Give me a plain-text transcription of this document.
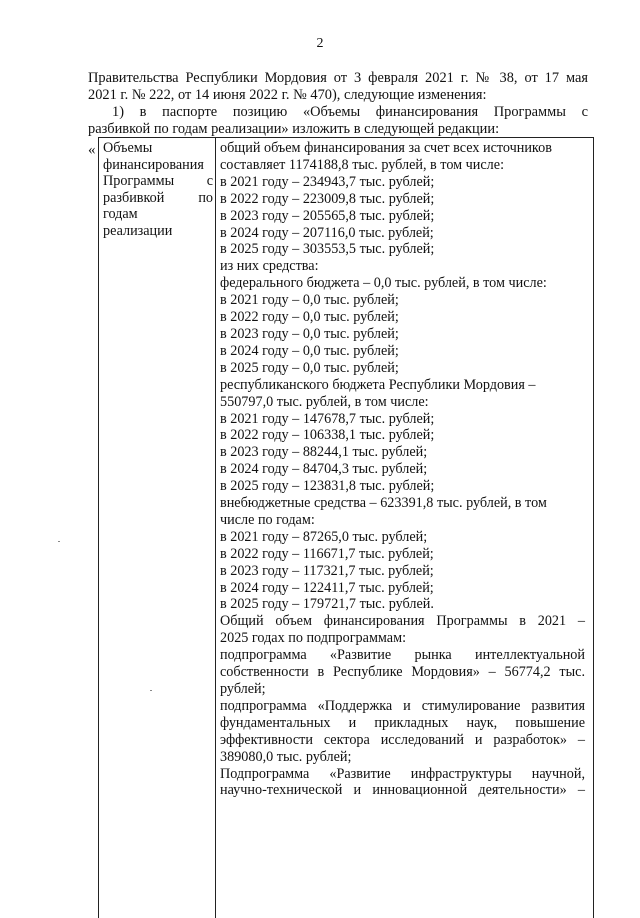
2

Правительства Республики Мордовия от 3 февраля 2021 г. № 38, от 17 мая

2021 г. № 222, от 14 июня 2022 г. № 470), следующие изменения:

1) в паспорте позицию «Объемы финансирования Программы с

разбивкой по годам реализации» изложить в следующей редакции:

« Объемы
финансирования
Программы с
разбивкой по
годам
реализации
общий объем финансирования за счет всех источников
составляет 1174188,8 тыс. рублей, в том числе:
в 2021 году – 234943,7 тыс. рублей;
в 2022 году – 223009,8 тыс. рублей;
в 2023 году – 205565,8 тыс. рублей;
в 2024 году – 207116,0 тыс. рублей;
в 2025 году – 303553,5 тыс. рублей;
из них средства:
федерального бюджета – 0,0 тыс. рублей, в том числе:
в 2021 году – 0,0 тыс. рублей;
в 2022 году – 0,0 тыс. рублей;
в 2023 году – 0,0 тыс. рублей;
в 2024 году – 0,0 тыс. рублей;
в 2025 году – 0,0 тыс. рублей;
республиканского бюджета Республики Мордовия –
550797,0 тыс. рублей, в том числе:
в 2021 году – 147678,7 тыс. рублей;
в 2022 году – 106338,1 тыс. рублей;
в 2023 году – 88244,1 тыс. рублей;
в 2024 году – 84704,3 тыс. рублей;
в 2025 году – 123831,8 тыс. рублей;
внебюджетные средства – 623391,8 тыс. рублей, в том
числе по годам:
в 2021 году – 87265,0 тыс. рублей;
в 2022 году – 116671,7 тыс. рублей;
в 2023 году – 117321,7 тыс. рублей;
в 2024 году – 122411,7 тыс. рублей;
в 2025 году – 179721,7 тыс. рублей.
Общий объем финансирования Программы в 2021 –
2025 годах по подпрограммам:
подпрограмма «Развитие рынка интеллектуальной
собственности в Республике Мордовия» – 56774,2 тыс.
рублей;
подпрограмма «Поддержка и стимулирование развития
фундаментальных и прикладных наук, повышение
эффективности сектора исследований и разработок» –
389080,0 тыс. рублей;
Подпрограмма «Развитие инфраструктуры научной,
научно-технической и инновационной деятельности» –
